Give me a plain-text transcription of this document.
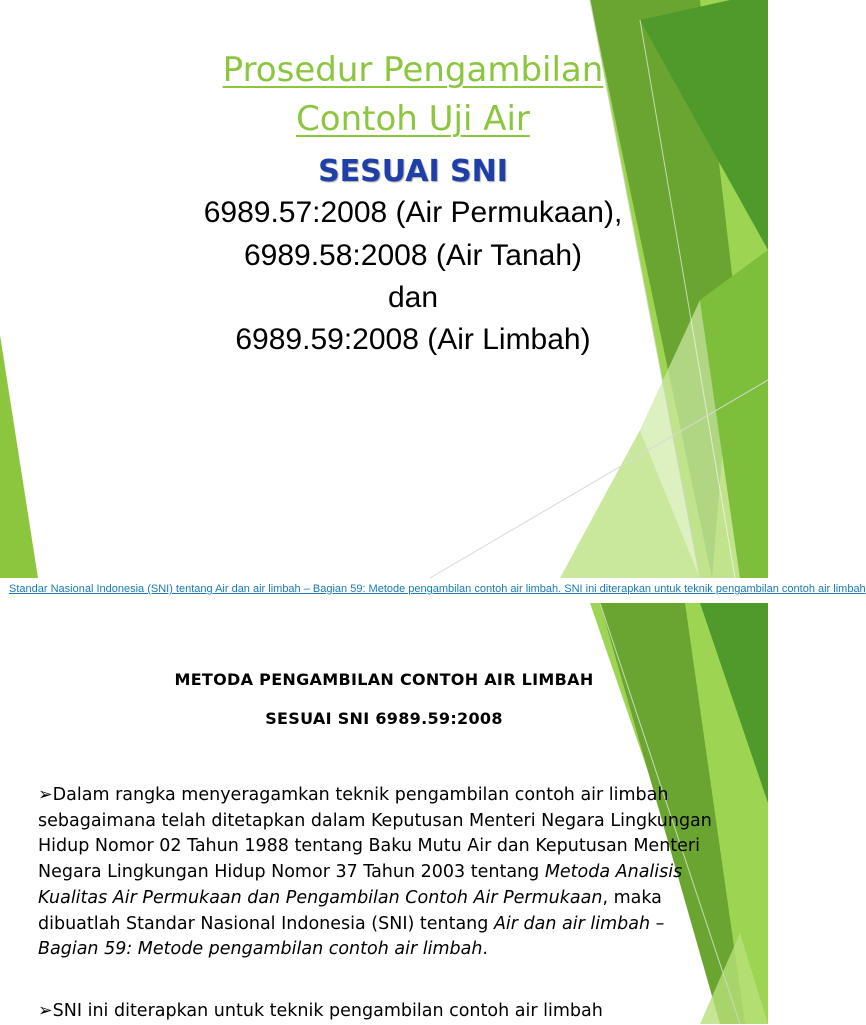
Prosedur Pengambilan
Contoh Uji Air
SESUAI SNI
6989.57:2008 (Air Permukaan),
6989.58:2008 (Air Tanah)
dan
6989.59:2008 (Air Limbah)
Standar Nasional Indonesia (SNI) tentang Air dan air limbah – Bagian 59: Metode pengambilan contoh air limbah. SNI ini diterapkan untuk teknik pengambilan contoh air limbah
METODA PENGAMBILAN CONTOH AIR LIMBAH
SESUAI SNI 6989.59:2008
➢Dalam rangka menyeragamkan teknik pengambilan contoh air limbah sebagaimana telah ditetapkan dalam Keputusan Menteri Negara Lingkungan Hidup Nomor 02 Tahun 1988 tentang Baku Mutu Air dan Keputusan Menteri Negara Lingkungan Hidup Nomor 37 Tahun 2003 tentang Metoda Analisis Kualitas Air Permukaan dan Pengambilan Contoh Air Permukaan, maka dibuatlah Standar Nasional Indonesia (SNI) tentang Air dan air limbah – Bagian 59: Metode pengambilan contoh air limbah.
➢SNI ini diterapkan untuk teknik pengambilan contoh air limbah
